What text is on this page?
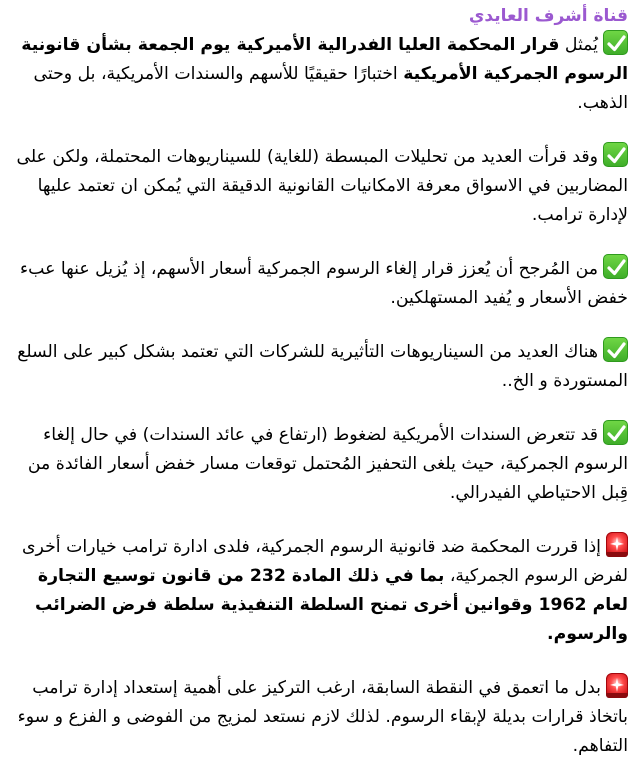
قناة أشرف العايدي

يُمثل قرار المحكمة العليا الفدرالية الأميركية يوم الجمعة بشأن قانونية الرسوم الجمركية الأمريكية اختبارًا حقيقيًا للأسهم والسندات الأمريكية، بل وحتى الذهب.

وقد قرأت العديد من تحليلات المبسطة (للغاية) للسيناريوهات المحتملة، ولكن على المضاربين في الاسواق معرفة الامكانيات القانونية الدقيقة التي يُمكن ان تعتمد عليها لإدارة ترامب.

من المُرجح أن يُعزز قرار إلغاء الرسوم الجمركية أسعار الأسهم، إذ يُزيل عنها عبء خفض الأسعار و يُفيد المستهلكين.

هناك العديد من السيناريوهات التأثيرية للشركات التي تعتمد بشكل كبير على السلع المستوردة و الخ..

قد تتعرض السندات الأمريكية لضغوط (ارتفاع في عائد السندات) في حال إلغاء الرسوم الجمركية، حيث يلغى التحفيز المُحتمل توقعات مسار خفض أسعار الفائدة من قِبل الاحتياطي الفيدرالي.

إذا قررت المحكمة ضد قانونية الرسوم الجمركية، فلدى ادارة ترامب خيارات أخرى لفرض الرسوم الجمركية، بما في ذلك المادة 232 من قانون توسيع التجارة لعام 1962 وقوانين أخرى تمنح السلطة التنفيذية سلطة فرض الضرائب والرسوم.

بدل ما اتعمق في النقطة السابقة، ارغب التركيز على أهمية إستعداد إدارة ترامب باتخاذ قرارات بديلة لإبقاء الرسوم. لذلك لازم نستعد لمزيج من الفوضى و الفزع و سوء التفاهم.
